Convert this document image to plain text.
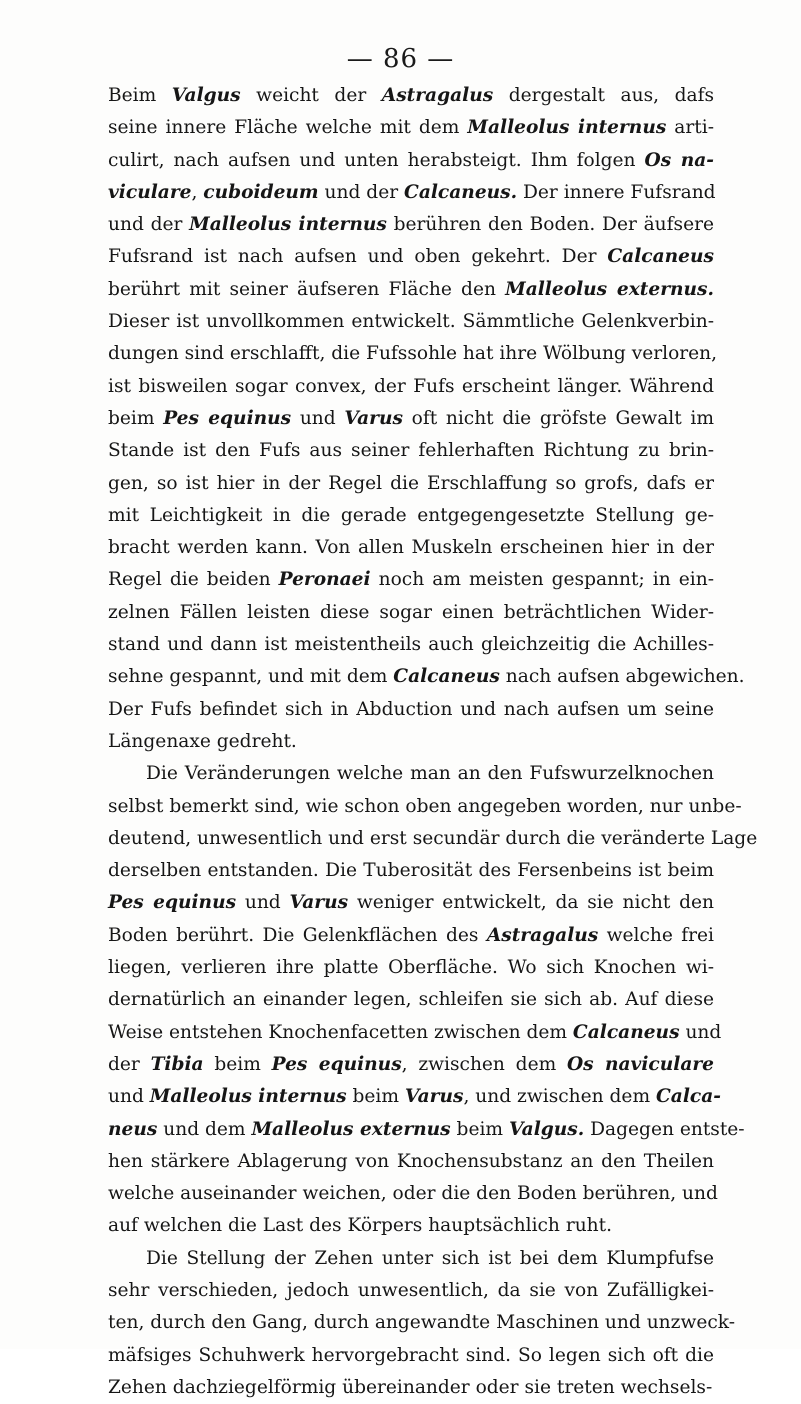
— 86 —
Beim Valgus weicht der Astragalus dergestalt aus, dafs
seine innere Fläche welche mit dem Malleolus internus arti-
culirt, nach aufsen und unten herabsteigt. Ihm folgen Os na-
viculare, cuboideum und der Calcaneus. Der innere Fufsrand
und der Malleolus internus berühren den Boden. Der äufsere
Fufsrand ist nach aufsen und oben gekehrt. Der Calcaneus
berührt mit seiner äufseren Fläche den Malleolus externus.
Dieser ist unvollkommen entwickelt. Sämmtliche Gelenkverbin-
dungen sind erschlafft, die Fufssohle hat ihre Wölbung verloren,
ist bisweilen sogar convex, der Fufs erscheint länger. Während
beim Pes equinus und Varus oft nicht die gröfste Gewalt im
Stande ist den Fufs aus seiner fehlerhaften Richtung zu brin-
gen, so ist hier in der Regel die Erschlaffung so grofs, dafs er
mit Leichtigkeit in die gerade entgegengesetzte Stellung ge-
bracht werden kann. Von allen Muskeln erscheinen hier in der
Regel die beiden Peronaei noch am meisten gespannt; in ein-
zelnen Fällen leisten diese sogar einen beträchtlichen Wider-
stand und dann ist meistentheils auch gleichzeitig die Achilles-
sehne gespannt, und mit dem Calcaneus nach aufsen abgewichen.
Der Fufs befindet sich in Abduction und nach aufsen um seine
Längenaxe gedreht.
Die Veränderungen welche man an den Fufswurzelknochen
selbst bemerkt sind, wie schon oben angegeben worden, nur unbe-
deutend, unwesentlich und erst secundär durch die veränderte Lage
derselben entstanden. Die Tuberosität des Fersenbeins ist beim
Pes equinus und Varus weniger entwickelt, da sie nicht den
Boden berührt. Die Gelenkflächen des Astragalus welche frei
liegen, verlieren ihre platte Oberfläche. Wo sich Knochen wi-
dernatürlich an einander legen, schleifen sie sich ab. Auf diese
Weise entstehen Knochenfacetten zwischen dem Calcaneus und
der Tibia beim Pes equinus, zwischen dem Os naviculare
und Malleolus internus beim Varus, und zwischen dem Calca-
neus und dem Malleolus externus beim Valgus. Dagegen entste-
hen stärkere Ablagerung von Knochensubstanz an den Theilen
welche auseinander weichen, oder die den Boden berühren, und
auf welchen die Last des Körpers hauptsächlich ruht.
Die Stellung der Zehen unter sich ist bei dem Klumpfufse
sehr verschieden, jedoch unwesentlich, da sie von Zufälligkei-
ten, durch den Gang, durch angewandte Maschinen und unzweck-
mäfsiges Schuhwerk hervorgebracht sind. So legen sich oft die
Zehen dachziegelförmig übereinander oder sie treten wechsels-
